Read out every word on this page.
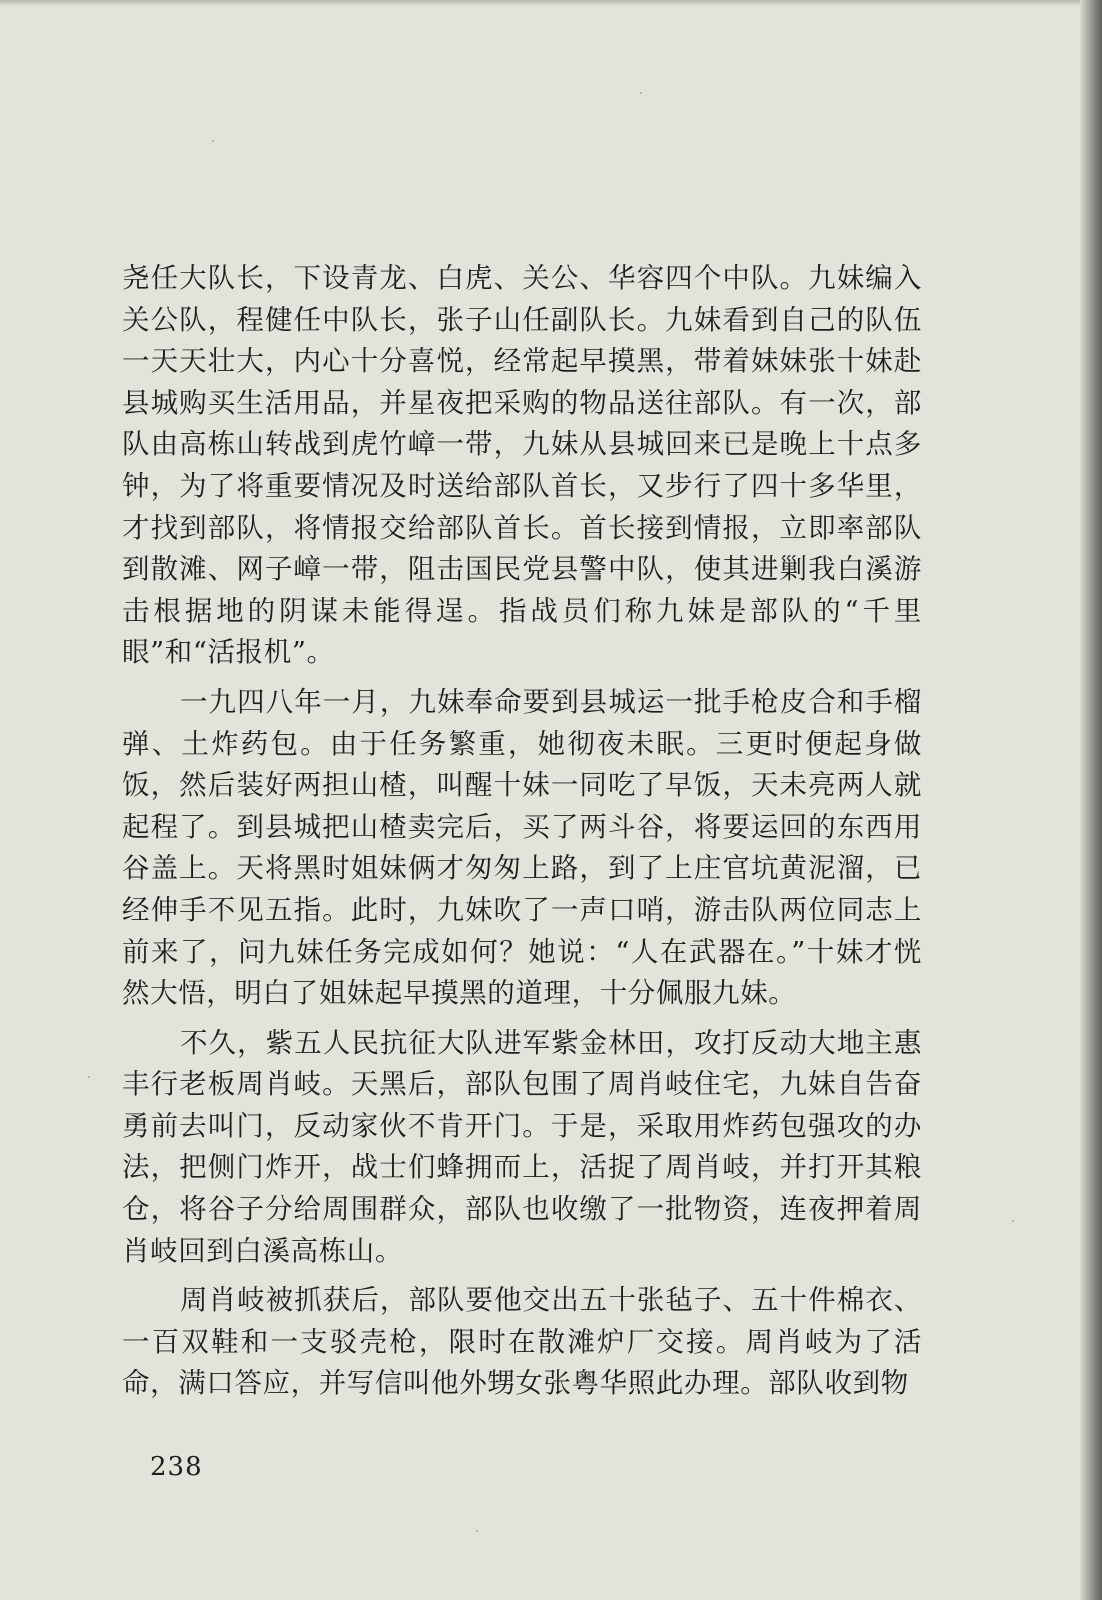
尧任大队长，下设青龙、白虎、关公、华容四个中队。九妹编入关公队，程健任中队长，张子山任副队长。九妹看到自己的队伍一天天壮大，内心十分喜悦，经常起早摸黑，带着妹妹张十妹赴县城购买生活用品，并星夜把采购的物品送往部队。有一次，部队由高栋山转战到虎竹嶂一带，九妹从县城回来已是晚上十点多钟，为了将重要情况及时送给部队首长，又步行了四十多华里，才找到部队，将情报交给部队首长。首长接到情报，立即率部队到散滩、网子嶂一带，阻击国民党县警中队，使其进剿我白溪游击根据地的阴谋未能得逞。指战员们称九妹是部队的“千里眼”和“活报机”。

一九四八年一月，九妹奉命要到县城运一批手枪皮合和手榴弹、土炸药包。由于任务繁重，她彻夜未眠。三更时便起身做饭，然后装好两担山楂，叫醒十妹一同吃了早饭，天未亮两人就起程了。到县城把山楂卖完后，买了两斗谷，将要运回的东西用谷盖上。天将黑时姐妹俩才匆匆上路，到了上庄官坑黄泥溜，已经伸手不见五指。此时，九妹吹了一声口哨，游击队两位同志上前来了，问九妹任务完成如何？她说：“人在武器在。”十妹才恍然大悟，明白了姐妹起早摸黑的道理，十分佩服九妹。

不久，紫五人民抗征大队进军紫金林田，攻打反动大地主惠丰行老板周肖岐。天黑后，部队包围了周肖岐住宅，九妹自告奋勇前去叫门，反动家伙不肯开门。于是，采取用炸药包强攻的办法，把侧门炸开，战士们蜂拥而上，活捉了周肖岐，并打开其粮仓，将谷子分给周围群众，部队也收缴了一批物资，连夜押着周肖岐回到白溪高栋山。

周肖岐被抓获后，部队要他交出五十张毡子、五十件棉衣、一百双鞋和一支驳壳枪，限时在散滩炉厂交接。周肖岐为了活命，满口答应，并写信叫他外甥女张粤华照此办理。部队收到物

238
